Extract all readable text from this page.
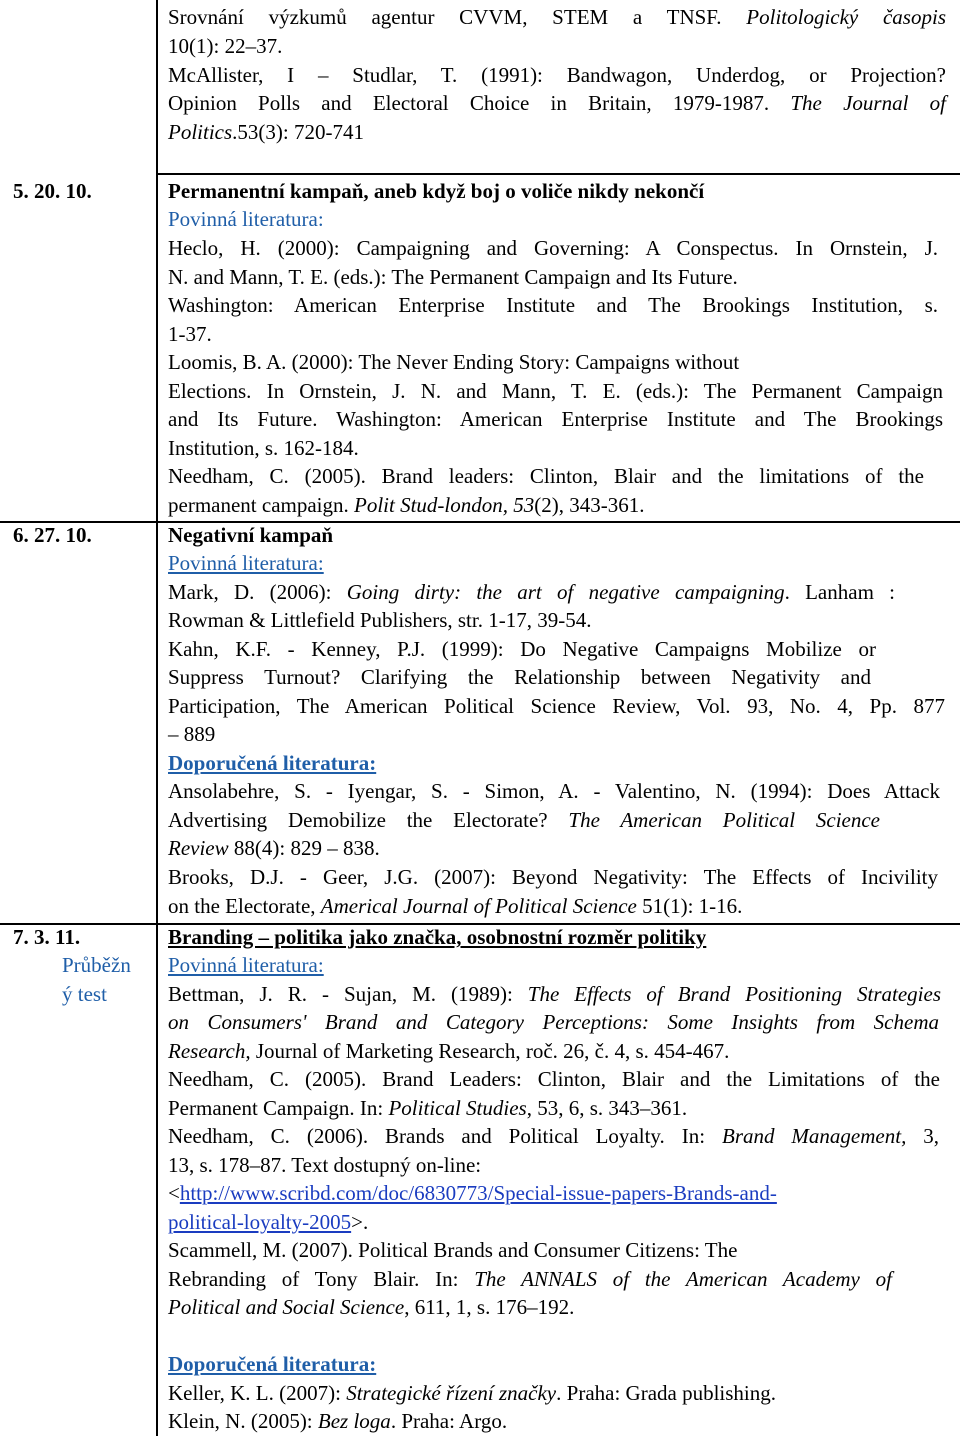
Srovnání výzkumů agentur CVVM, STEM a TNSF. Politologický časopis
10(1): 22–37.
McAllister, I – Studlar, T. (1991): Bandwagon, Underdog, or Projection?
Opinion Polls and Electoral Choice in Britain, 1979-1987. The Journal of
Politics.53(3): 720-741
5. 20. 10.	Permanentní kampaň, aneb když boj o voliče nikdy nekončí
Povinná literatura:
Heclo, H. (2000): Campaigning and Governing: A Conspectus. In Ornstein, J.
N. and Mann, T. E. (eds.): The Permanent Campaign and Its Future.
Washington: American Enterprise Institute and The Brookings Institution, s.
1-37.
Loomis, B. A. (2000): The Never Ending Story: Campaigns without
Elections. In Ornstein, J. N. and Mann, T. E. (eds.): The Permanent Campaign
and Its Future. Washington: American Enterprise Institute and The Brookings
Institution, s. 162-184.
Needham, C. (2005). Brand leaders: Clinton, Blair and the limitations of the
permanent campaign. Polit Stud-london, 53(2), 343-361.
6. 27. 10.	Negativní kampaň
Povinná literatura:
Mark, D. (2006): Going dirty: the art of negative campaigning. Lanham :
Rowman & Littlefield Publishers, str. 1-17, 39-54.
Kahn, K.F. - Kenney, P.J. (1999): Do Negative Campaigns Mobilize or
Suppress Turnout? Clarifying the Relationship between Negativity and
Participation, The American Political Science Review, Vol. 93, No. 4, Pp. 877
– 889
Doporučená literatura:
Ansolabehre, S. - Iyengar, S. - Simon, A. - Valentino, N. (1994): Does Attack
Advertising Demobilize the Electorate? The American Political Science
Review 88(4): 829 – 838.
Brooks, D.J. - Geer, J.G. (2007): Beyond Negativity: The Effects of Incivility
on the Electorate, Americal Journal of Political Science 51(1): 1-16.
7. 3. 11.	Branding – politika jako značka, osobnostní rozměr politiky
Průběžn
ý test
Povinná literatura:
Bettman, J. R. - Sujan, M. (1989): The Effects of Brand Positioning Strategies
on Consumers' Brand and Category Perceptions: Some Insights from Schema
Research, Journal of Marketing Research, roč. 26, č. 4, s. 454-467.
Needham, C. (2005). Brand Leaders: Clinton, Blair and the Limitations of the
Permanent Campaign. In: Political Studies, 53, 6, s. 343–361.
Needham, C. (2006). Brands and Political Loyalty. In: Brand Management, 3,
13, s. 178–87. Text dostupný on-line:
<http://www.scribd.com/doc/6830773/Special-issue-papers-Brands-and-
political-loyalty-2005>.
Scammell, M. (2007). Political Brands and Consumer Citizens: The
Rebranding of Tony Blair. In: The ANNALS of the American Academy of
Political and Social Science, 611, 1, s. 176–192.
Doporučená literatura:
Keller, K. L. (2007): Strategické řízení značky. Praha: Grada publishing.
Klein, N. (2005): Bez loga. Praha: Argo.
